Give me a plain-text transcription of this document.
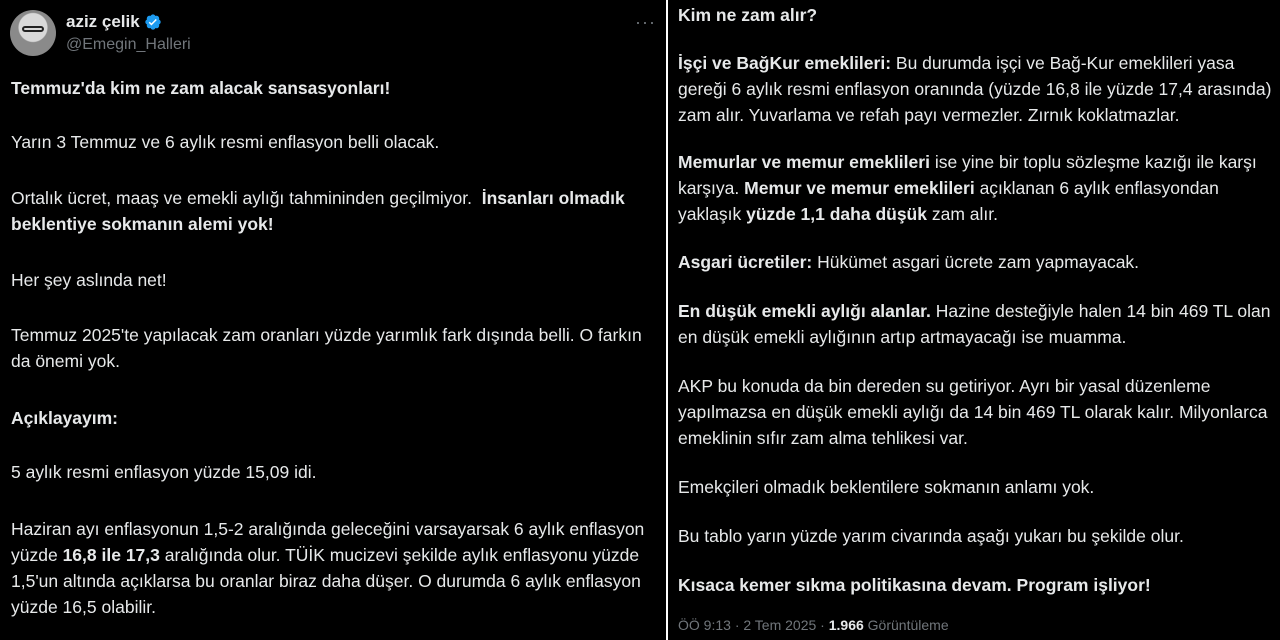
aziz çelik
@Emegin_Halleri
···
Temmuz'da kim ne zam alacak sansasyonları!
Yarın 3 Temmuz ve 6 aylık resmi enflasyon belli olacak.
Ortalık ücret, maaş ve emekli aylığı tahmininden geçilmiyor. İnsanları olmadık beklentiye sokmanın alemi yok!
Her şey aslında net!
Temmuz 2025'te yapılacak zam oranları yüzde yarımlık fark dışında belli. O farkın da önemi yok.
Açıklayayım:
5 aylık resmi enflasyon yüzde 15,09 idi.
Haziran ayı enflasyonun 1,5-2 aralığında geleceğini varsayarsak 6 aylık enflasyon yüzde 16,8 ile 17,3 aralığında olur. TÜİK mucizevi şekilde aylık enflasyonu yüzde 1,5'un altında açıklarsa bu oranlar biraz daha düşer. O durumda 6 aylık enflasyon yüzde 16,5 olabilir.
Kim ne zam alır?
İşçi ve BağKur emeklileri: Bu durumda işçi ve Bağ-Kur emeklileri yasa gereği 6 aylık resmi enflasyon oranında (yüzde 16,8 ile yüzde 17,4 arasında) zam alır. Yuvarlama ve refah payı vermezler. Zırnık koklatmazlar.
Memurlar ve memur emeklileri ise yine bir toplu sözleşme kazığı ile karşı karşıya. Memur ve memur emeklileri açıklanan 6 aylık enflasyondan yaklaşık yüzde 1,1 daha düşük zam alır.
Asgari ücretiler: Hükümet asgari ücrete zam yapmayacak.
En düşük emekli aylığı alanlar. Hazine desteğiyle halen 14 bin 469 TL olan en düşük emekli aylığının artıp artmayacağı ise muamma.
AKP bu konuda da bin dereden su getiriyor. Ayrı bir yasal düzenleme yapılmazsa en düşük emekli aylığı da 14 bin 469 TL olarak kalır. Milyonlarca emeklinin sıfır zam alma tehlikesi var.
Emekçileri olmadık beklentilere sokmanın anlamı yok.
Bu tablo yarın yüzde yarım civarında aşağı yukarı bu şekilde olur.
Kısaca kemer sıkma politikasına devam. Program işliyor!
ÖÖ 9:13 · 2 Tem 2025 · 1.966 Görüntüleme
